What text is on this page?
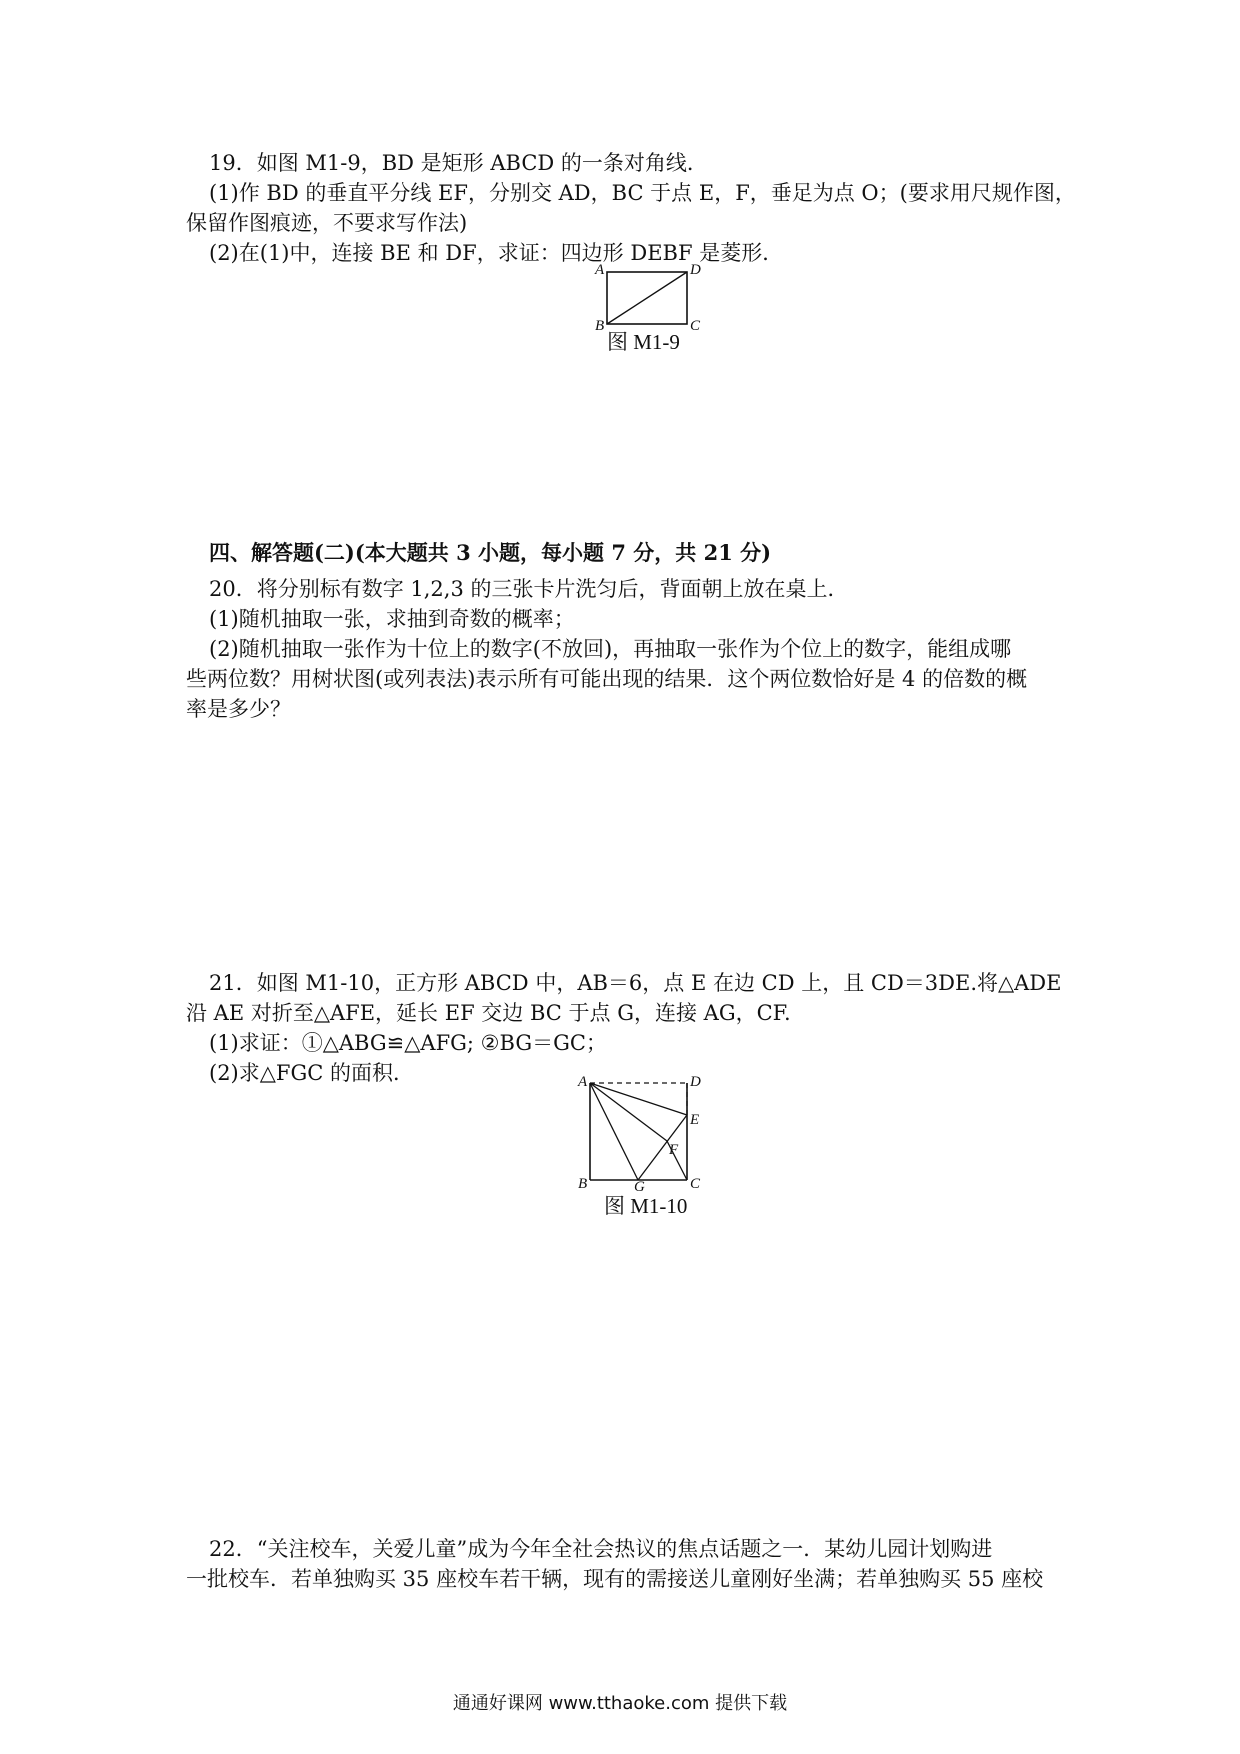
19．如图 M1-9，BD 是矩形 ABCD 的一条对角线．
(1)作 BD 的垂直平分线 EF，分别交 AD，BC 于点 E，F，垂足为点 O；(要求用尺规作图，
保留作图痕迹，不要求写作法)
(2)在(1)中，连接 BE 和 DF，求证：四边形 DEBF 是菱形．
A	D
B	C
图 M1-9
四、解答题(二)(本大题共 3 小题，每小题 7 分，共 21 分)
20．将分别标有数字 1,2,3 的三张卡片洗匀后，背面朝上放在桌上．
(1)随机抽取一张，求抽到奇数的概率；
(2)随机抽取一张作为十位上的数字(不放回)，再抽取一张作为个位上的数字，能组成哪
些两位数？用树状图(或列表法)表示所有可能出现的结果．这个两位数恰好是 4 的倍数的概
率是多少？
21．如图 M1-10，正方形 ABCD 中，AB＝6，点 E 在边 CD 上，且 CD＝3DE.将△ADE
沿 AE 对折至△AFE，延长 EF 交边 BC 于点 G，连接 AG，CF.
(1)求证：①△ABG≌△AFG; ②BG＝GC；
(2)求△FGC 的面积．	A	D
E
F
B	G	C
图 M1-10
22．“关注校车，关爱儿童”成为今年全社会热议的焦点话题之一．某幼儿园计划购进
一批校车．若单独购买 35 座校车若干辆，现有的需接送儿童刚好坐满；若单独购买 55 座校
通通好课网 www.tthaoke.com 提供下载
